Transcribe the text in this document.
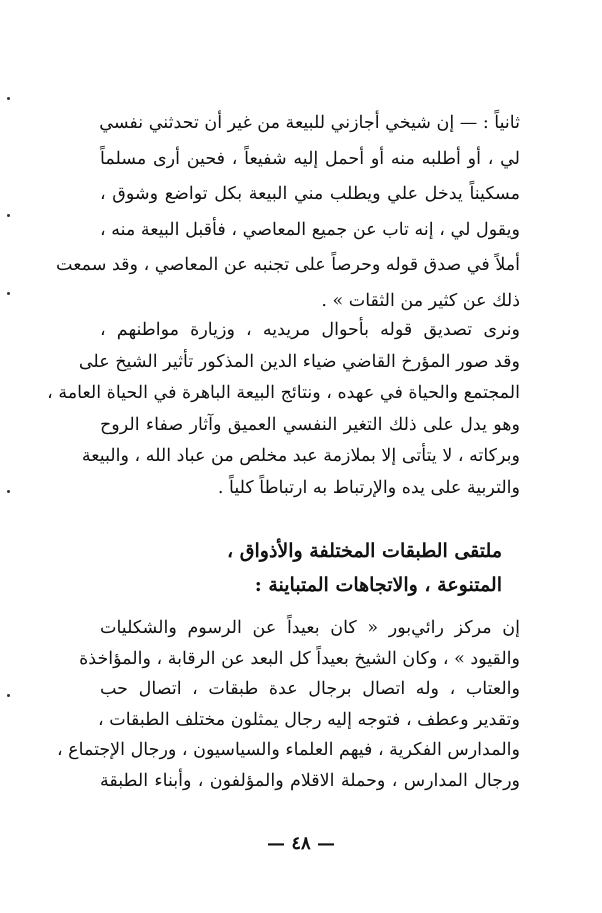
ثانياً : — إن شيخي أجازني للبيعة من غير أن تحدثني نفسي
لي ، أو أطلبه منه أو أحمل إليه شفيعاً ، فحين أرى مسلماً
مسكيناً يدخل علي ويطلب مني البيعة بكل تواضع وشوق ،
ويقول لي ، إنه تاب عن جميع المعاصي ، فأقبل البيعة منه ،
أملاً في صدق قوله وحرصاً على تجنبه عن المعاصي ، وقد سمعت
ذلك عن كثير من الثقات » .
ونرى تصديق قوله بأحوال مريديه ، وزيارة مواطنهم ،
وقد صور المؤرخ القاضي ضياء الدين المذكور تأثير الشيخ على
المجتمع والحياة في عهده ، ونتائج البيعة الباهرة في الحياة العامة ،
وهو يدل على ذلك التغير النفسي العميق وآثار صفاء الروح
وبركاته ، لا يتأتى إلا بملازمة عبد مخلص من عباد الله ، والبيعة
والتربية على يده والإرتباط به ارتباطاً كلياً .
ملتقى الطبقات المختلفة والأذواق ،
المتنوعة ، والاتجاهات المتباينة :
إن مركز رائي‌بور « كان بعيداً عن الرسوم والشكليات
والقيود » ، وكان الشيخ بعيداً كل البعد عن الرقابة ، والمؤاخذة
والعتاب ، وله اتصال برجال عدة طبقات ، اتصال حب
وتقدير وعطف ، فتوجه إليه رجال يمثلون مختلف الطبقات ،
والمدارس الفكرية ، فيهم العلماء والسياسيون ، ورجال الإجتماع ،
ورجال المدارس ، وحملة الاقلام والمؤلفون ، وأبناء الطبقة
— ٤٨ —
